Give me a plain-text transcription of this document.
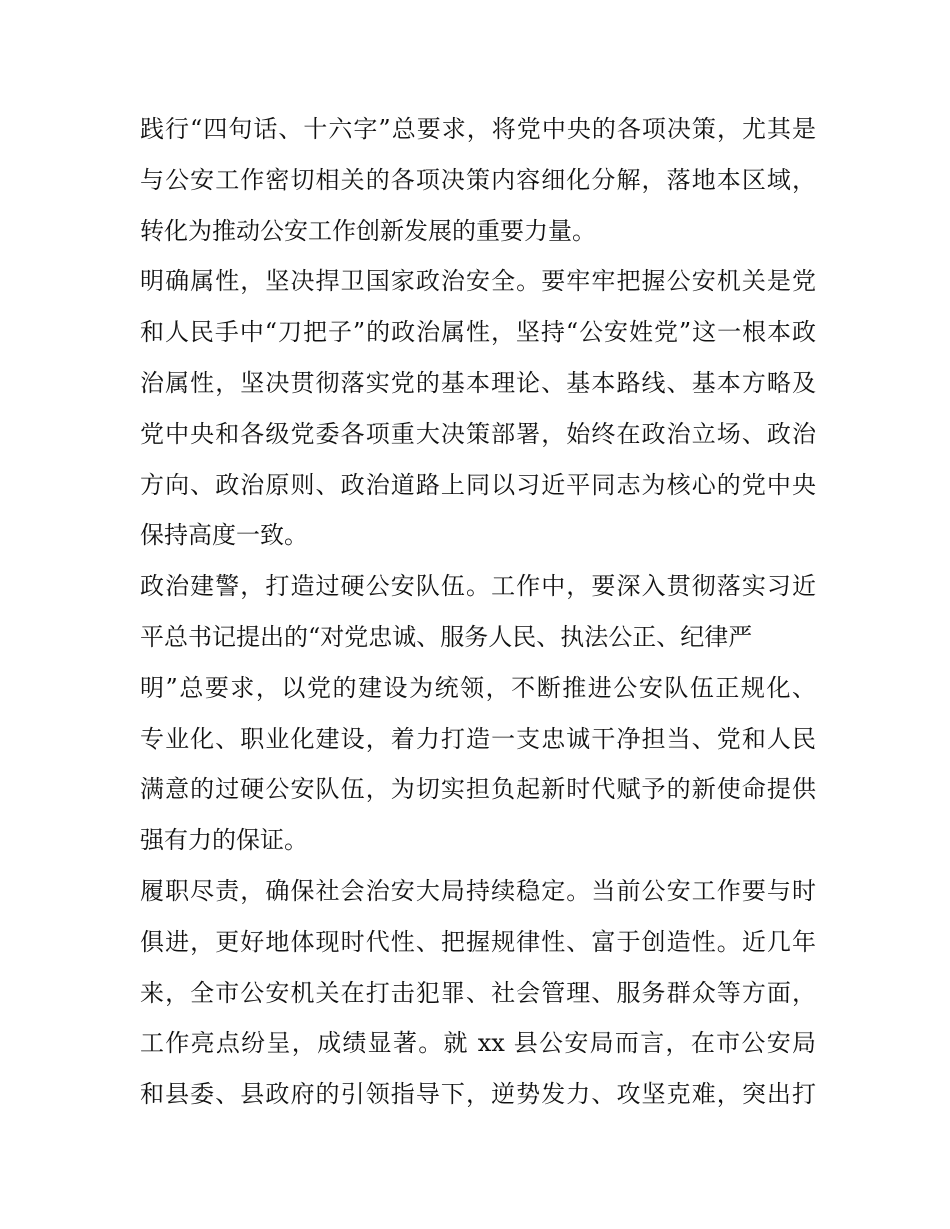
践行“四句话、十六字”总要求，将党中央的各项决策，尤其是
与公安工作密切相关的各项决策内容细化分解，落地本区域，
转化为推动公安工作创新发展的重要力量。
明确属性，坚决捍卫国家政治安全。要牢牢把握公安机关是党
和人民手中“刀把子”的政治属性，坚持“公安姓党”这一根本政
治属性，坚决贯彻落实党的基本理论、基本路线、基本方略及
党中央和各级党委各项重大决策部署，始终在政治立场、政治
方向、政治原则、政治道路上同以习近平同志为核心的党中央
保持高度一致。
政治建警，打造过硬公安队伍。工作中，要深入贯彻落实习近
平总书记提出的“对党忠诚、服务人民、执法公正、纪律严
明”总要求，以党的建设为统领，不断推进公安队伍正规化、
专业化、职业化建设，着力打造一支忠诚干净担当、党和人民
满意的过硬公安队伍，为切实担负起新时代赋予的新使命提供
强有力的保证。
履职尽责，确保社会治安大局持续稳定。当前公安工作要与时
俱进，更好地体现时代性、把握规律性、富于创造性。近几年
来，全市公安机关在打击犯罪、社会管理、服务群众等方面，
工作亮点纷呈，成绩显著。就 xx 县公安局而言，在市公安局
和县委、县政府的引领指导下，逆势发力、攻坚克难，突出打
